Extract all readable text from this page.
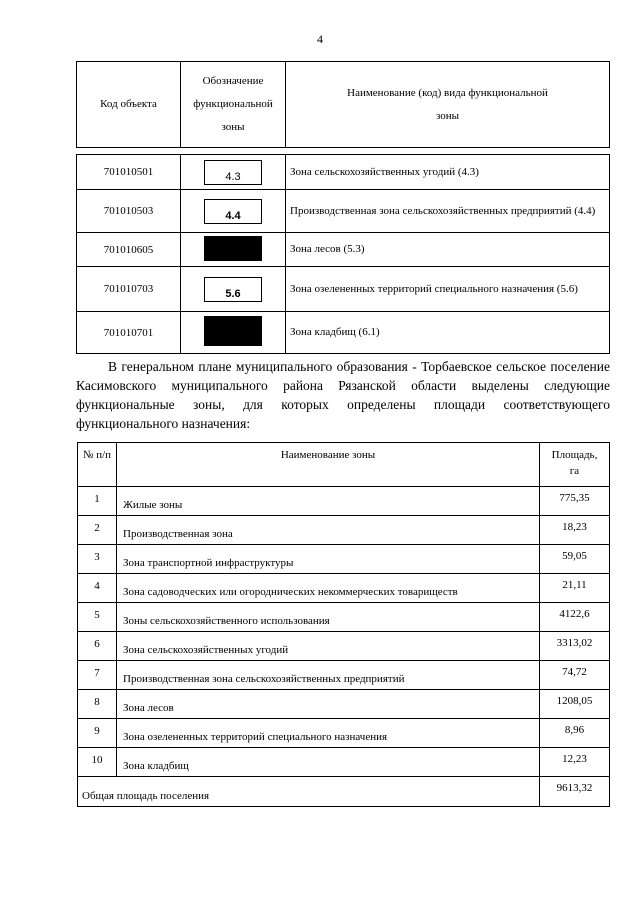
4
Код объекта	Обозначение функциональной зоны	Наименование (код) вида функциональной зоны

701010501	4.3	Зона сельскохозяйственных угодий (4.3)
701010503	4.4	Производственная зона сельскохозяйственных предприятий (4.4)
701010605		Зона лесов (5.3)
701010703	5.6	Зона озелененных территорий специального назначения (5.6)
701010701		Зона кладбищ (6.1)

В генеральном плане муниципального образования - Торбаевское сельское поселение Касимовского муниципального района Рязанской области выделены следующие функциональные зоны, для которых определены площади соответствующего функционального назначения:

№ п/п	Наименование зоны	Площадь, га
1	Жилые зоны	775,35
2	Производственная зона	18,23
3	Зона транспортной инфраструктуры	59,05
4	Зона садоводческих или огороднических некоммерческих товариществ	21,11
5	Зоны сельскохозяйственного использования	4122,6
6	Зона сельскохозяйственных угодий	3313,02
7	Производственная зона сельскохозяйственных предприятий	74,72
8	Зона лесов	1208,05
9	Зона озелененных территорий специального назначения	8,96
10	Зона кладбищ	12,23
Общая площадь поселения		9613,32
